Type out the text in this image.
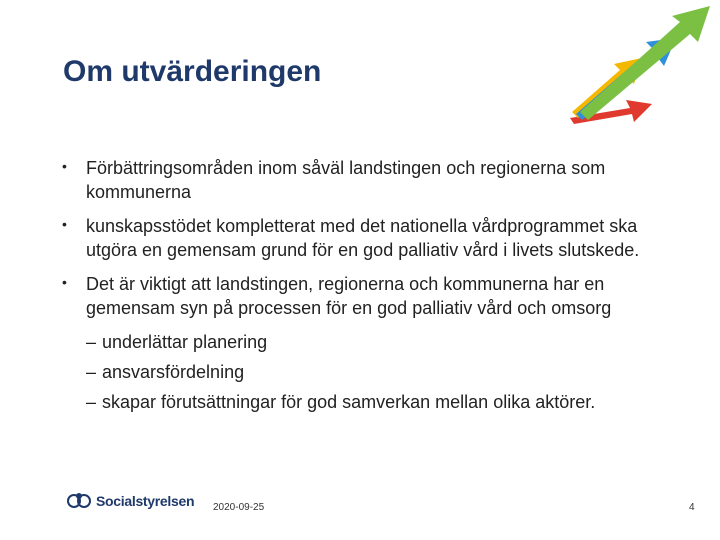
Om utvärderingen
• Förbättringsområden inom såväl landstingen och regionerna som kommunerna
• kunskapsstödet kompletterat med det nationella vårdprogrammet ska utgöra en gemensam grund för en god palliativ vård i livets slutskede.
• Det är viktigt att landstingen, regionerna och kommunerna har en gemensam syn på processen för en god palliativ vård och omsorg
– underlättar planering
– ansvarsfördelning
– skapar förutsättningar för god samverkan mellan olika aktörer.
Socialstyrelsen 2020-09-25	4
